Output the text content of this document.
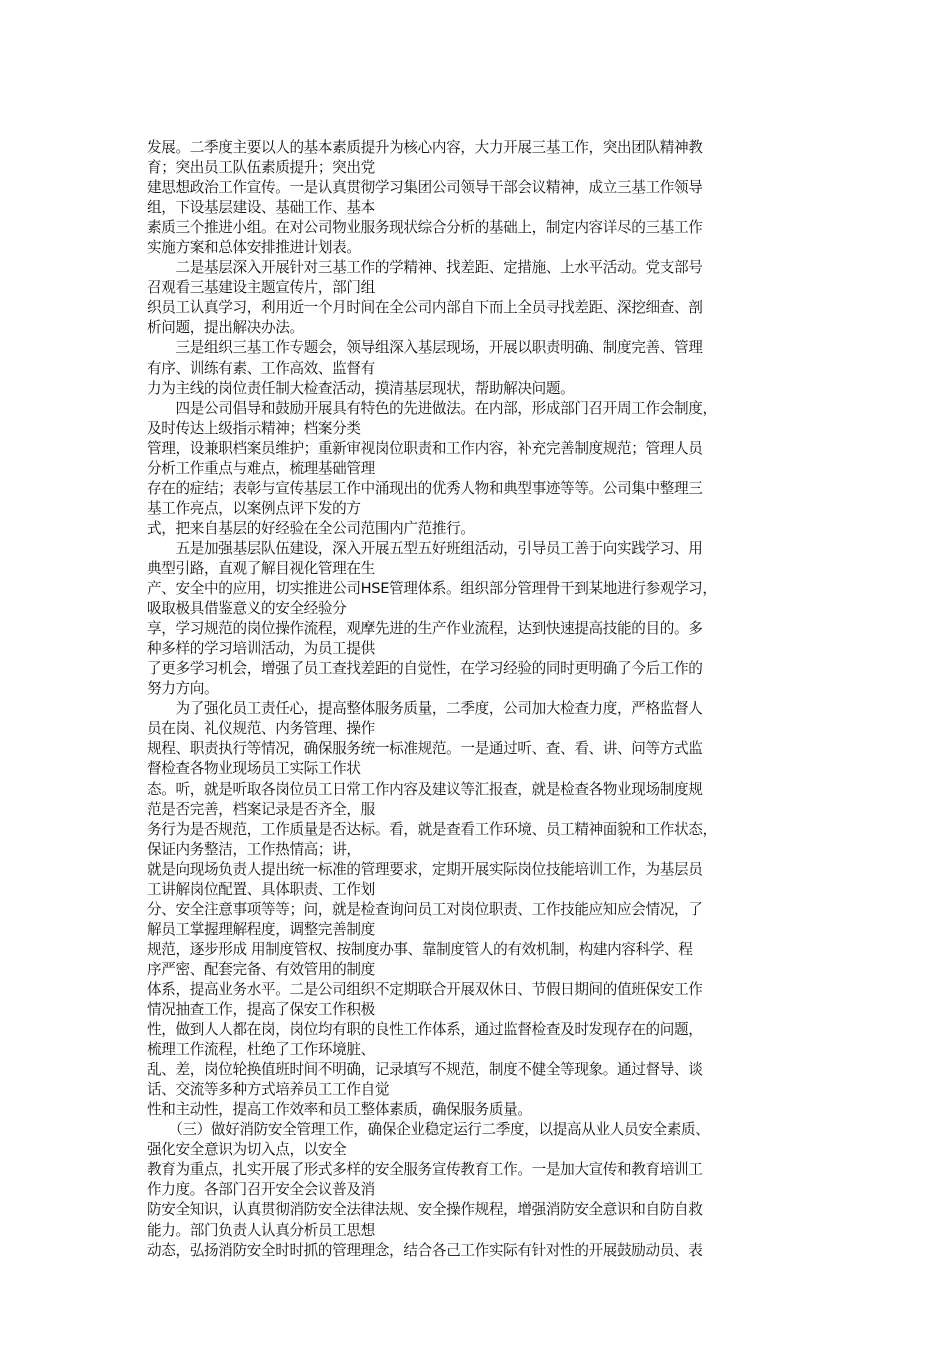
发展。二季度主要以人的基本素质提升为核心内容，大力开展三基工作，突出团队精神教
育；突出员工队伍素质提升；突出党
建思想政治工作宣传。一是认真贯彻学习集团公司领导干部会议精神，成立三基工作领导
组，下设基层建设、基础工作、基本
素质三个推进小组。在对公司物业服务现状综合分析的基础上，制定内容详尽的三基工作
实施方案和总体安排推进计划表。
　　二是基层深入开展针对三基工作的学精神、找差距、定措施、上水平活动。党支部号
召观看三基建设主题宣传片，部门组
织员工认真学习，利用近一个月时间在全公司内部自下而上全员寻找差距、深挖细查、剖
析问题，提出解决办法。
　　三是组织三基工作专题会，领导组深入基层现场，开展以职责明确、制度完善、管理
有序、训练有素、工作高效、监督有
力为主线的岗位责任制大检查活动，摸清基层现状，帮助解决问题。
　　四是公司倡导和鼓励开展具有特色的先进做法。在内部，形成部门召开周工作会制度，
及时传达上级指示精神；档案分类
管理，设兼职档案员维护；重新审视岗位职责和工作内容，补充完善制度规范；管理人员
分析工作重点与难点，梳理基础管理
存在的症结；表彰与宣传基层工作中涌现出的优秀人物和典型事迹等等。公司集中整理三
基工作亮点，以案例点评下发的方
式，把来自基层的好经验在全公司范围内广范推行。
　　五是加强基层队伍建设，深入开展五型五好班组活动，引导员工善于向实践学习、用
典型引路，直观了解目视化管理在生
产、安全中的应用，切实推进公司HSE管理体系。组织部分管理骨干到某地进行参观学习，
吸取极具借鉴意义的安全经验分
享，学习规范的岗位操作流程，观摩先进的生产作业流程，达到快速提高技能的目的。多
种多样的学习培训活动，为员工提供
了更多学习机会，增强了员工查找差距的自觉性，在学习经验的同时更明确了今后工作的
努力方向。
　　为了强化员工责任心，提高整体服务质量，二季度，公司加大检查力度，严格监督人
员在岗、礼仪规范、内务管理、操作
规程、职责执行等情况，确保服务统一标准规范。一是通过听、查、看、讲、问等方式监
督检查各物业现场员工实际工作状
态。听，就是听取各岗位员工日常工作内容及建议等汇报查，就是检查各物业现场制度规
范是否完善，档案记录是否齐全，服
务行为是否规范，工作质量是否达标。看，就是查看工作环境、员工精神面貌和工作状态，
保证内务整洁，工作热情高；讲，
就是向现场负责人提出统一标准的管理要求，定期开展实际岗位技能培训工作，为基层员
工讲解岗位配置、具体职责、工作划
分、安全注意事项等等；问，就是检查询问员工对岗位职责、工作技能应知应会情况，了
解员工掌握理解程度，调整完善制度
规范，逐步形成 用制度管权、按制度办事、靠制度管人的有效机制，构建内容科学、程
序严密、配套完备、有效管用的制度
体系，提高业务水平。二是公司组织不定期联合开展双休日、节假日期间的值班保安工作
情况抽查工作，提高了保安工作积极
性，做到人人都在岗，岗位均有职的良性工作体系，通过监督检查及时发现存在的问题，
梳理工作流程，杜绝了工作环境脏、
乱、差，岗位轮换值班时间不明确，记录填写不规范，制度不健全等现象。通过督导、谈
话、交流等多种方式培养员工工作自觉
性和主动性，提高工作效率和员工整体素质，确保服务质量。
　　（三）做好消防安全管理工作，确保企业稳定运行二季度，以提高从业人员安全素质、
强化安全意识为切入点，以安全
教育为重点，扎实开展了形式多样的安全服务宣传教育工作。一是加大宣传和教育培训工
作力度。各部门召开安全会议普及消
防安全知识，认真贯彻消防安全法律法规、安全操作规程，增强消防安全意识和自防自救
能力。部门负责人认真分析员工思想
动态，弘扬消防安全时时抓的管理理念，结合各己工作实际有针对性的开展鼓励动员、表
